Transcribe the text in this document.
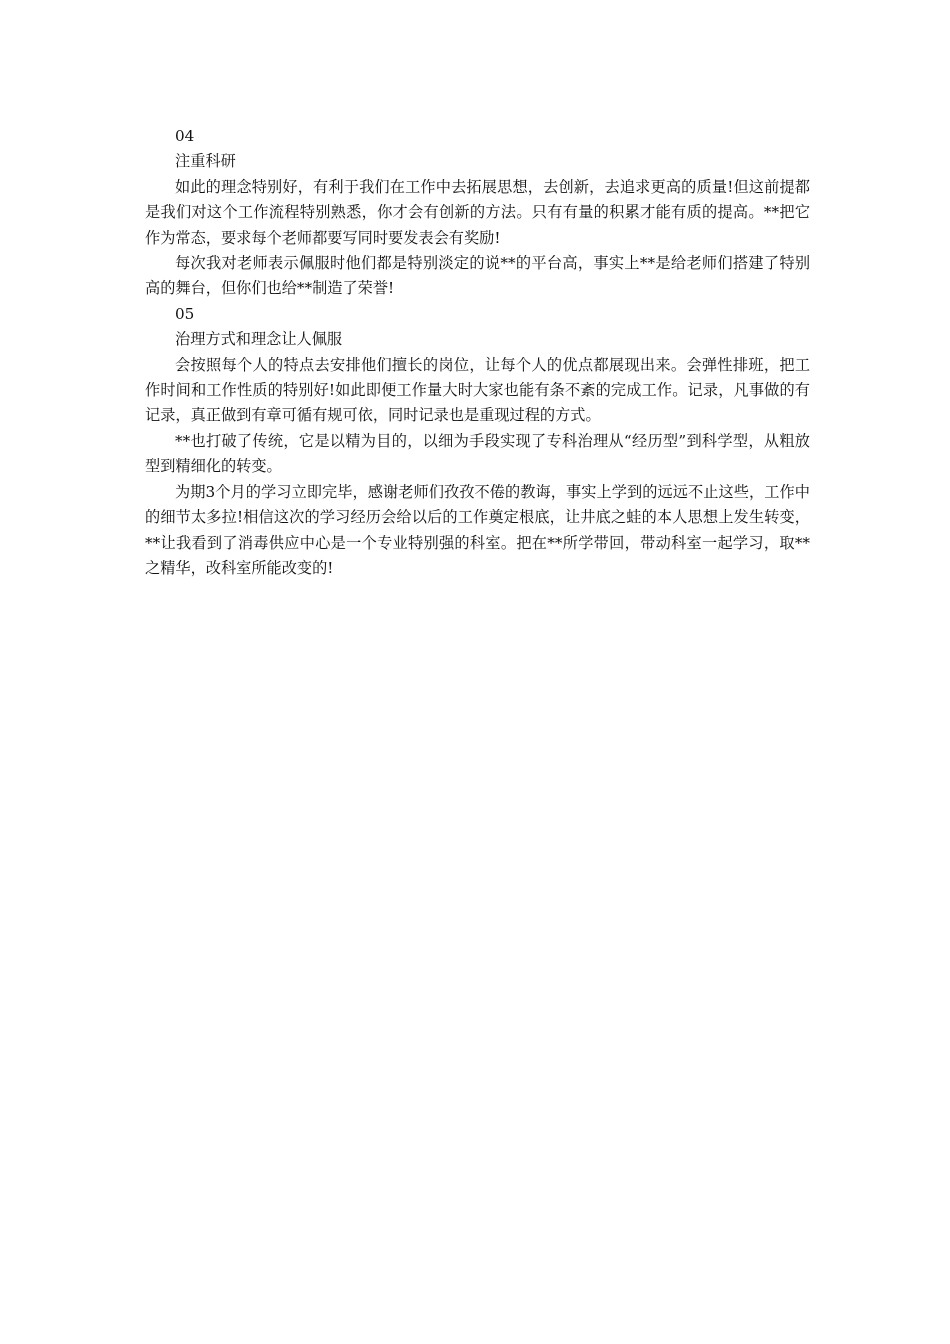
04

注重科研

如此的理念特别好，有利于我们在工作中去拓展思想，去创新，去追求更高的质量!但这前提都是我们对这个工作流程特别熟悉，你才会有创新的方法。只有有量的积累才能有质的提高。**把它作为常态，要求每个老师都要写同时要发表会有奖励!

每次我对老师表示佩服时他们都是特别淡定的说**的平台高，事实上**是给老师们搭建了特别高的舞台，但你们也给**制造了荣誉!

05

治理方式和理念让人佩服

会按照每个人的特点去安排他们擅长的岗位，让每个人的优点都展现出来。会弹性排班，把工作时间和工作性质的特别好!如此即便工作量大时大家也能有条不紊的完成工作。记录，凡事做的有记录，真正做到有章可循有规可依，同时记录也是重现过程的方式。

**也打破了传统，它是以精为目的，以细为手段实现了专科治理从“经历型”到科学型，从粗放型到精细化的转变。

为期3个月的学习立即完毕，感谢老师们孜孜不倦的教诲，事实上学到的远远不止这些，工作中的细节太多拉!相信这次的学习经历会给以后的工作奠定根底，让井底之蛙的本人思想上发生转变，**让我看到了消毒供应中心是一个专业特别强的科室。把在**所学带回，带动科室一起学习，取**之精华，改科室所能改变的!
